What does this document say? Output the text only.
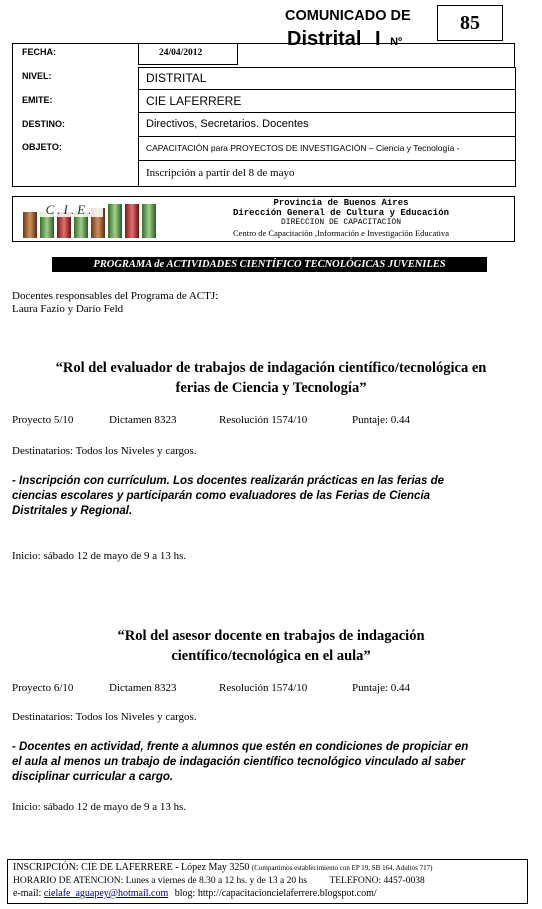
COMUNICADO DE
Distrital I Nº
85
FECHA:	24/04/2012
NIVEL:	DISTRITAL
EMITE:	CIE LAFERRERE
DESTINO:	Directivos, Secretarios. Docentes
OBJETO:	CAPACITACIÓN para PROYECTOS DE INVESTIGACIÓN – Ciencia y Tecnología -
Inscripción a partir del 8 de mayo
C.I.E.	Provincia de Buenos Aires
Dirección General de Cultura y Educación
DIRECCION DE CAPACITACION
Centro de Capacitación ,Información e Investigación Educativa
PROGRAMA de ACTIVIDADES CIENTÍFICO TECNOLÓGICAS JUVENILES
Docentes responsables del Programa de ACTJ:
Laura Fazio y Darío Feld
“Rol del evaluador de trabajos de indagación científico/tecnológica en
ferias de Ciencia y Tecnología”
Proyecto 5/10	Dictamen 8323	Resolución 1574/10	Puntaje: 0.44
Destinatarios: Todos los Niveles y cargos.
- Inscripción con currículum. Los docentes realizarán prácticas en las ferias de
ciencias escolares y participarán como evaluadores de las Ferias de Ciencia
Distritales y Regional.
Inicio: sábado 12 de mayo de 9 a 13 hs.
“Rol del asesor docente en trabajos de indagación
científico/tecnológica en el aula”
Proyecto 6/10	Dictamen 8323	Resolución 1574/10	Puntaje: 0.44
Destinatarios: Todos los Niveles y cargos.
- Docentes en actividad, frente a alumnos que estén en condiciones de propiciar en
el aula al menos un trabajo de indagación científico tecnológico vinculado al saber
disciplinar curricular a cargo.
Inicio: sábado 12 de mayo de 9 a 13 hs.
INSCRIPCIÓN: CIE DE LAFERRERE - López May 3250 (Compartimos establecimiento con EP 19, SB 164, Adultos 717)
HORARIO DE ATENCION: Lunes a viernes de 8.30 a 12 hs. y de 13 a 20 hs TELEFONO: 4457-0038
e-mail: cielafe_aguapey@hotmail.com blog: http://capacitacioncielaferrere.blogspot.com/
